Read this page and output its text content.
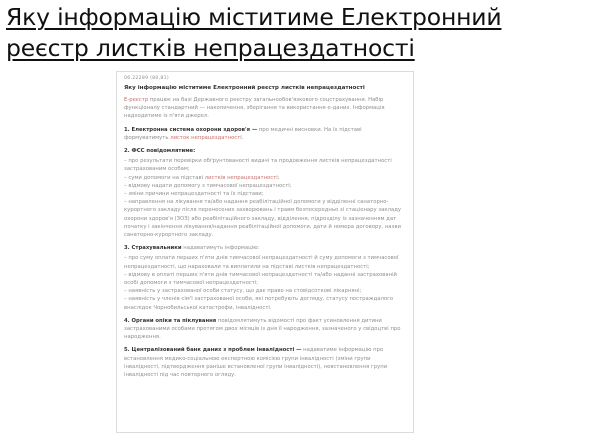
Яку інформацію міститиме Електронний реєстр листків непрацездатності
06.22289 (80,81)
Яку інформацію міститиме Електронний реєстр листків непрацездатності

Е-реєстр працює на базі Державного реєстру загальнообов'язкового соцстрахування. Набір функціоналу стандартний — накопичення, зберігання та використання е-даних. Інформація надходитиме із п'яти джерел.

1. Електронна система охорони здоров'я — про медичні висновки. На їх підставі формуватимуть листок непрацездатності.

2. ФСС повідомлятиме:

– про результати перевірки обґрунтованості видачі та продовження листків непрацездатності застрахованим особам;
– суми допомоги на підставі листків непрацездатності;
– відмову надати допомогу з тимчасової непрацездатності;
– зміни причини непрацездатності та їх підстави;
– направлення на лікування та/або надання реабілітаційної допомоги у відділенні санаторно-курортного закладу після перенесених захворювань і травм безпосередньо зі стаціонару закладу охорони здоров'я (ЗОЗ) або реабілітаційного закладу, відділення, підрозділу із зазначенням дат початку і закінчення лікування/надання реабілітаційної допомоги, дати й номера договору, назви санаторно-курортного закладу.

3. Страхувальники надаватимуть інформацію:

– про суму оплати перших п'яти днів тимчасової непрацездатності й суму допомоги з тимчасової непрацездатності, що нараховали та виплатили на підставі листків непрацездатності;
– відмову в оплаті перших п'яти днів тимчасової непрацездатності та/або наданні застрахованій особі допомоги з тимчасової непрацездатності;
– наявність у застрахованої особи статусу, що дає право на стовідсоткові лікарняні;
– наявність у членів сім'ї застрахованої особи, які потребують догляду, статусу постраждалого внаслідок Чорнобильської катастрофи, інвалідності.

4. Органи опіки та піклування повідомлятимуть відомості про факт усиновлення дитини застрахованими особами протягом двох місяців із дня її народження, зазначеного у свідоцтві про народження.

5. Централізований банк даних з проблем інвалідності — надаватиме інформацію про встановлення медико-соціальною експертною комісією групи інвалідності (зміни групи інвалідності, підтвердження раніше встановленої групи інвалідності), невстановлення групи інвалідності під час повторного огляду.
